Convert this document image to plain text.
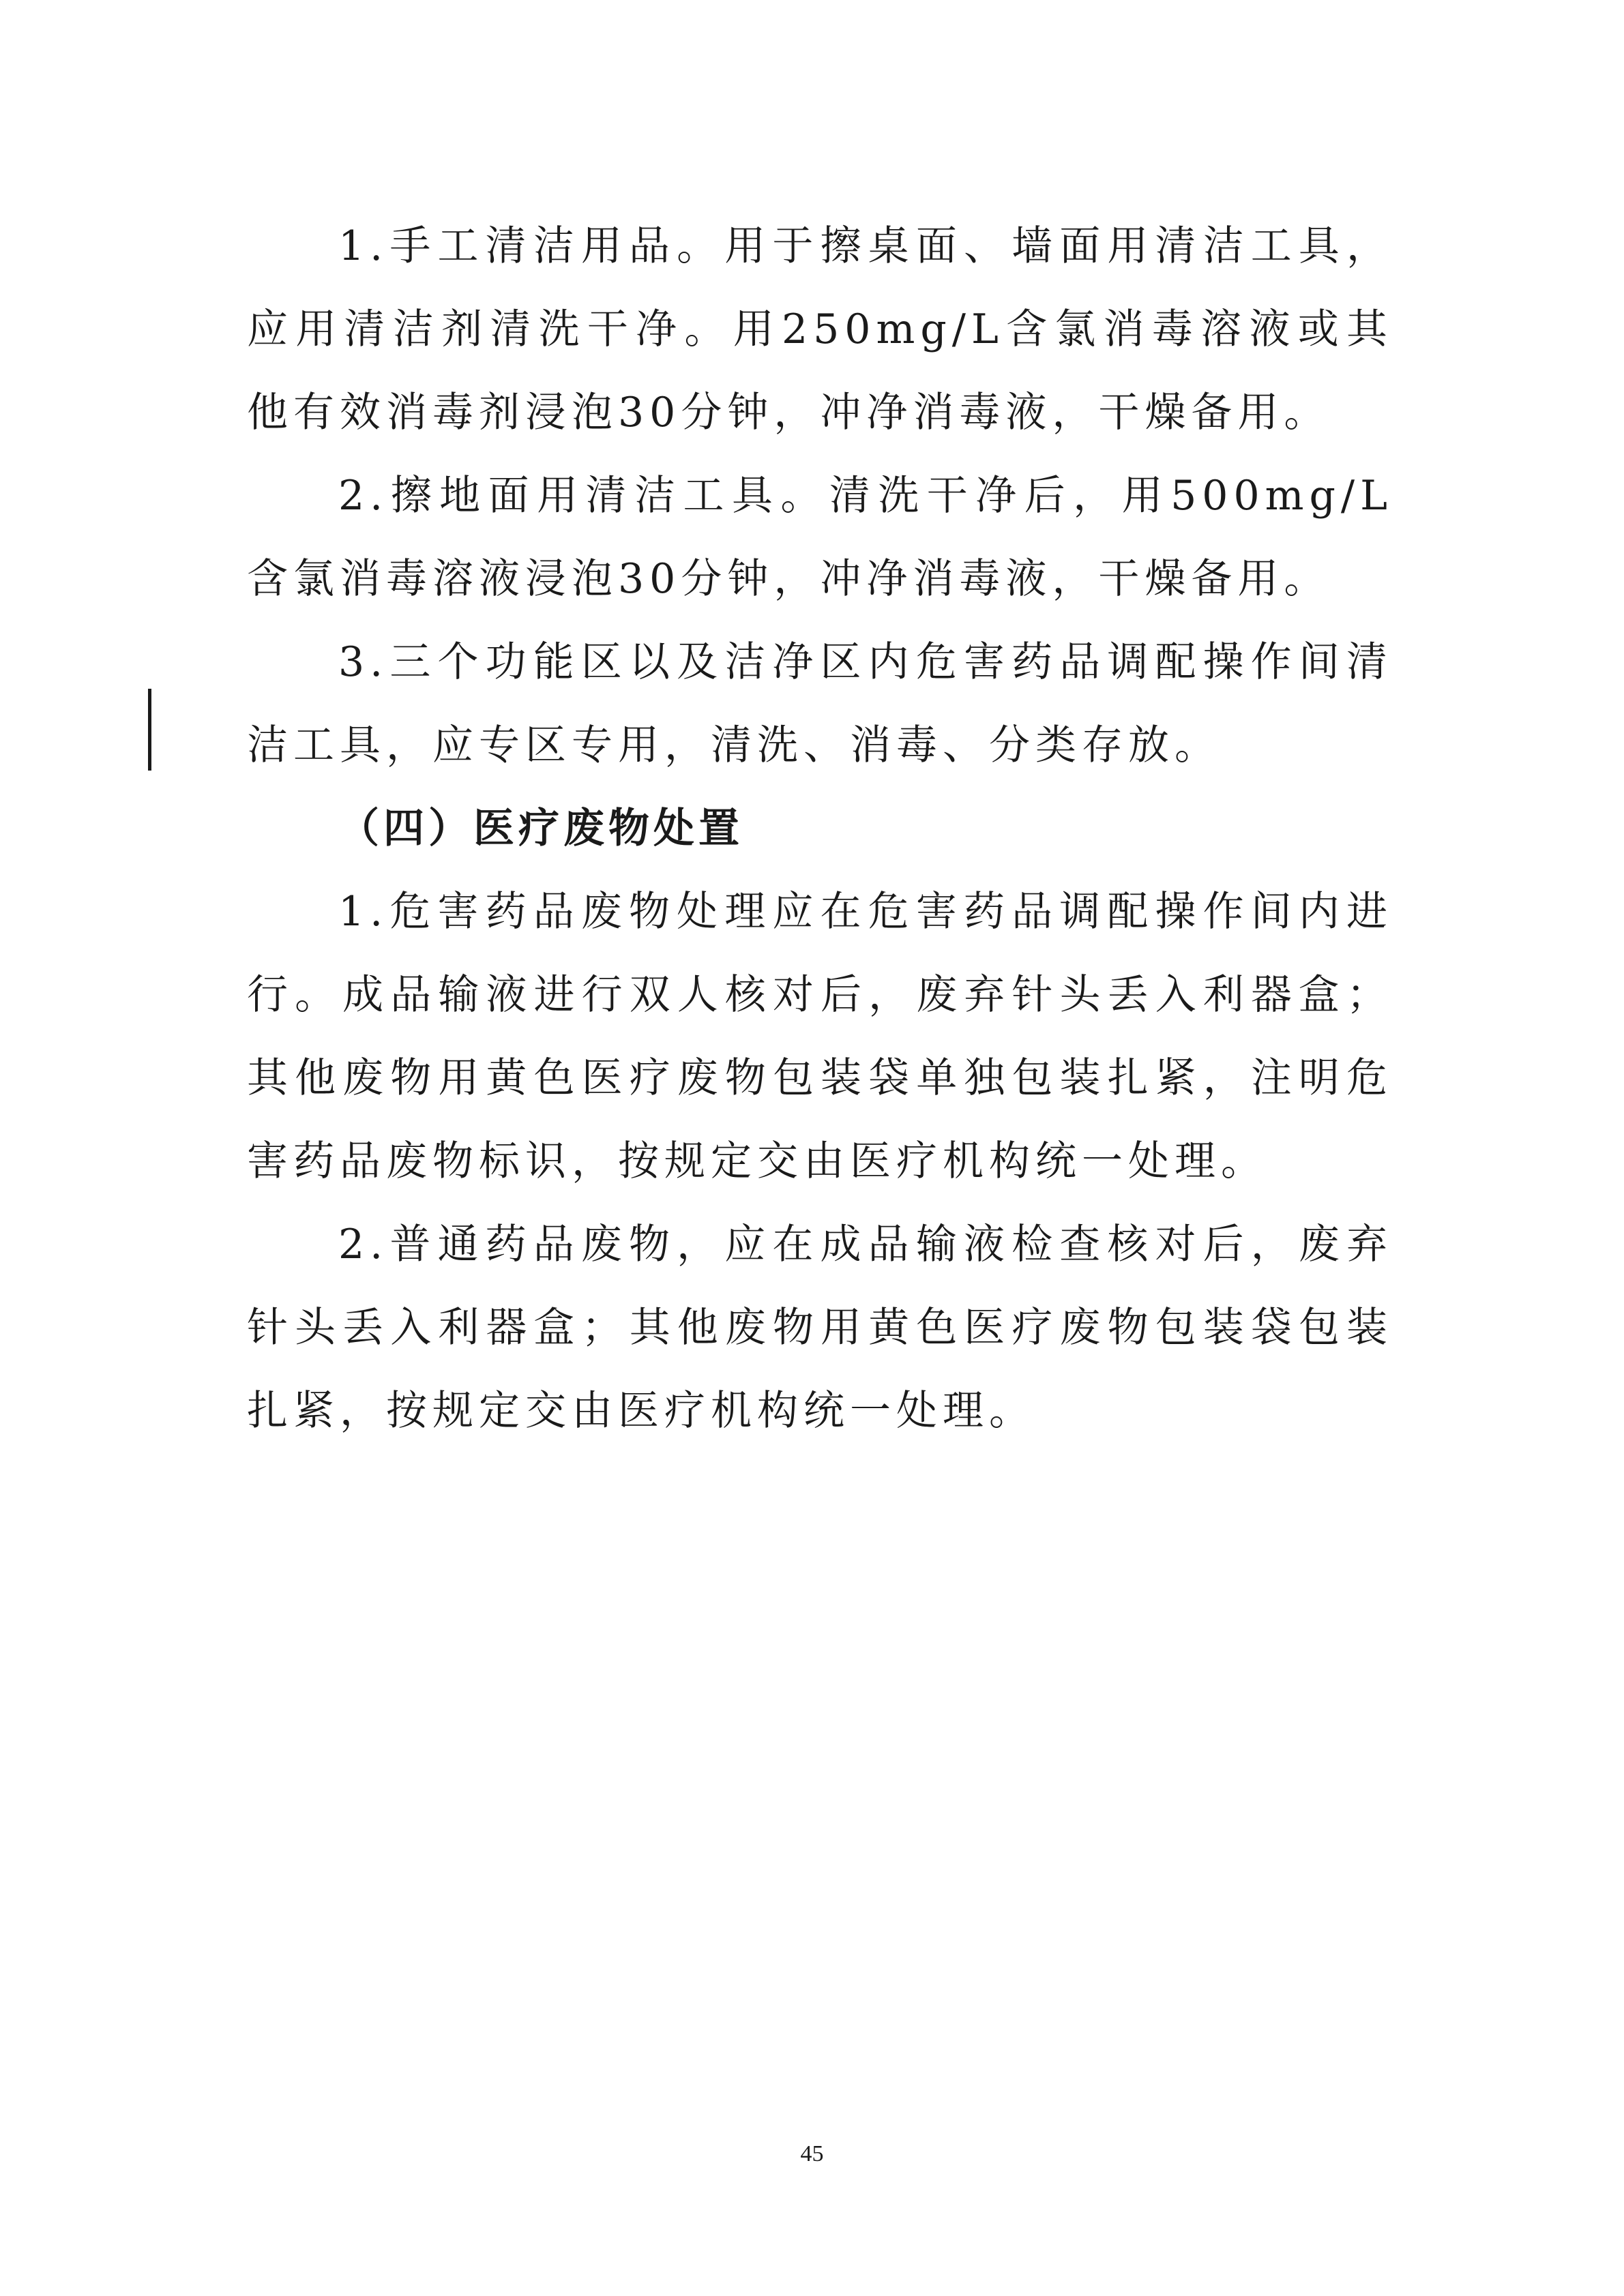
1.手工清洁用品。用于擦桌面、墙面用清洁工具，应用清洁剂清洗干净。用250mg/L含氯消毒溶液或其他有效消毒剂浸泡30分钟，冲净消毒液，干燥备用。

2.擦地面用清洁工具。清洗干净后，用500mg/L含氯消毒溶液浸泡30分钟，冲净消毒液，干燥备用。

3.三个功能区以及洁净区内危害药品调配操作间清洁工具，应专区专用，清洗、消毒、分类存放。

（四）医疗废物处置

1.危害药品废物处理应在危害药品调配操作间内进行。成品输液进行双人核对后，废弃针头丢入利器盒；其他废物用黄色医疗废物包装袋单独包装扎紧，注明危害药品废物标识，按规定交由医疗机构统一处理。

2.普通药品废物，应在成品输液检查核对后，废弃针头丢入利器盒；其他废物用黄色医疗废物包装袋包装扎紧，按规定交由医疗机构统一处理。

45
